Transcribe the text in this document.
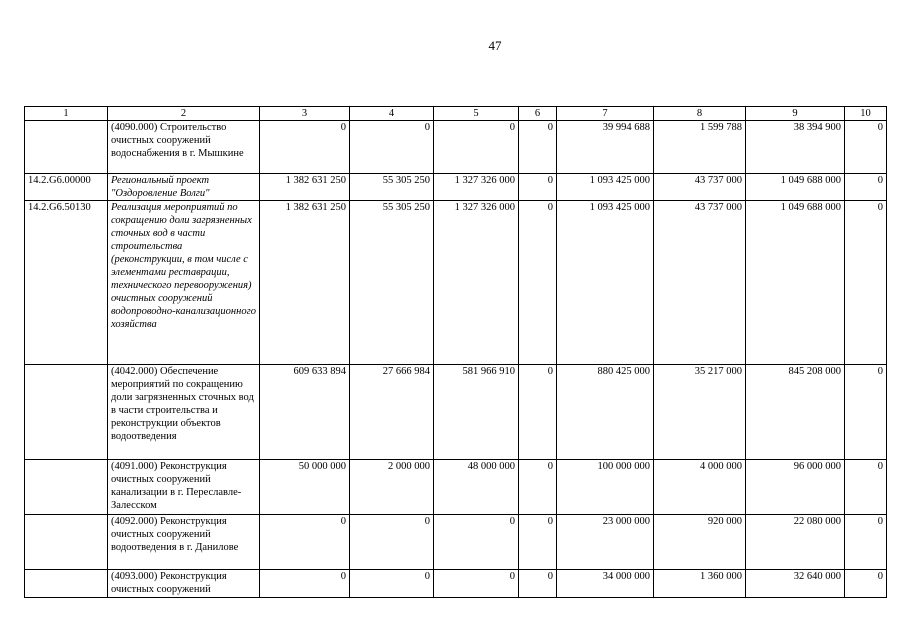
47
1	2	3	4	5	6	7	8	9	10
	(4090.000) Строительство очистных сооружений водоснабжения в г. Мышкине	0	0	0	0	39 994 688	1 599 788	38 394 900	0
14.2.G6.00000	Региональный проект "Оздоровление Волги"	1 382 631 250	55 305 250	1 327 326 000	0	1 093 425 000	43 737 000	1 049 688 000	0
14.2.G6.50130	Реализация мероприятий по сокращению доли загрязненных сточных вод в части строительства (реконструкции, в том числе с элементами реставрации, технического перевооружения) очистных сооружений водопроводно-канализационного хозяйства	1 382 631 250	55 305 250	1 327 326 000	0	1 093 425 000	43 737 000	1 049 688 000	0
	(4042.000) Обеспечение мероприятий по сокращению доли загрязненных сточных вод в части строительства и реконструкции объектов водоотведения	609 633 894	27 666 984	581 966 910	0	880 425 000	35 217 000	845 208 000	0
	(4091.000) Реконструкция очистных сооружений канализации в г. Переславле-Залесском	50 000 000	2 000 000	48 000 000	0	100 000 000	4 000 000	96 000 000	0
	(4092.000) Реконструкция очистных сооружений водоотведения в г. Данилове	0	0	0	0	23 000 000	920 000	22 080 000	0
	(4093.000) Реконструкция очистных сооружений	0	0	0	0	34 000 000	1 360 000	32 640 000	0
